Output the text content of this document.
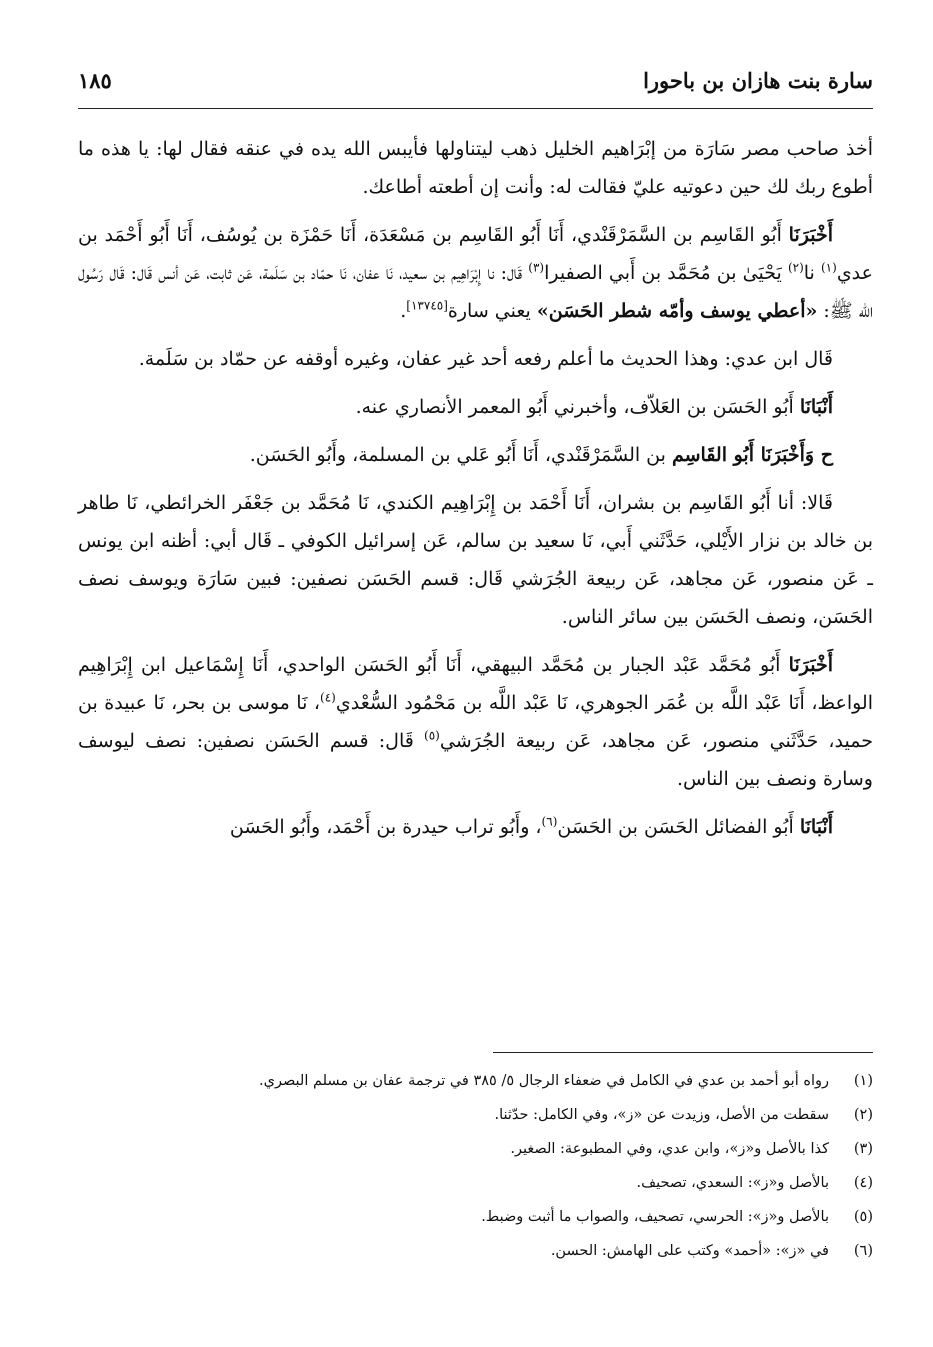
سارة بنت هازان بن باحورا
١٨٥

أخذ صاحب مصر سَارَة من إبْرَاهيم الخليل ذهب ليتناولها فأيبس الله يده في عنقه فقال لها: يا هذه ما أطوع ربك لك حين دعوتيه عليّ فقالت له: وأنت إن أطعته أطاعك.

أَخْبَرَنَا أَبُو القَاسِم بن السَّمَرْقَنْدي، أَنَا أَبُو القَاسِم بن مَسْعَدَة، أَنَا حَمْزَة بن يُوسُف، أَنَا أَبُو أَحْمَد بن عدي$^{(١)}$ نا$^{(٢)}$ يَحْيَىٰ بن مُحَمَّد بن أَبي الصفيرا$^{(٣)}$ قَال: نا إِبْرَاهِيم بن سعيد، نَا عفان، نَا حمّاد بن سَلَمة، عَن ثابت، عَن أنس قَال: قَال رَسُول الله ﷺ: «أعطي يوسف وأمّه شطر الحَسَن» يعني سارة[١٣٧٤٥].

قَال ابن عدي: وهذا الحديث ما أعلم رفعه أحد غير عفان، وغيره أوقفه عن حمّاد بن سَلَمة.

أَنْبَانَا أَبُو الحَسَن بن العَلاّف، وأخبرني أَبُو المعمر الأنصاري عنه.

ح وَأَخْبَرَنَا أَبُو القَاسِم بن السَّمَرْقَنْدي، أَنَا أَبُو عَلي بن المسلمة، وأَبُو الحَسَن.

قَالا: أنا أَبُو القَاسِم بن بشران، أَنَا أَحْمَد بن إِبْرَاهِيم الكندي، نَا مُحَمَّد بن جَعْفَر الخرائطي، نَا طاهر بن خالد بن نزار الأَيْلي، حَدَّثَني أَبي، نَا سعيد بن سالم، عَن إسرائيل الكوفي ـ قَال أبي: أظنه ابن يونس ـ عَن منصور، عَن مجاهد، عَن ربيعة الجُرَشي قَال: قسم الحَسَن نصفين: فبين سَارَة ويوسف نصف الحَسَن، ونصف الحَسَن بين سائر الناس.

أَخْبَرَنَا أَبُو مُحَمَّد عَبْد الجبار بن مُحَمَّد البيهقي، أَنَا أَبُو الحَسَن الواحدي، أَنَا إِسْمَاعيل ابن إِبْرَاهِيم الواعظ، أَنَا عَبْد اللَّه بن عُمَر الجوهري، نَا عَبْد اللَّه بن مَحْمُود السُّعْدي$^{(٤)}$، نَا موسى بن بحر، نَا عبيدة بن حميد، حَدَّثَني منصور، عَن مجاهد، عَن ربيعة الجُرَشي$^{(٥)}$ قَال: قسم الحَسَن نصفين: نصف ليوسف وسارة ونصف بين الناس.

أَنْبَانَا أَبُو الفضائل الحَسَن بن الحَسَن$^{(٦)}$، وأَبُو تراب حيدرة بن أَحْمَد، وأَبُو الحَسَن

(١)
رواه أبو أحمد بن عدي في الكامل في ضعفاء الرجال ٥/ ٣٨٥ في ترجمة عفان بن مسلم البصري.
(٢)
سقطت من الأصل، وزيدت عن «ز»، وفي الكامل: حدّثنا.
(٣)
كذا بالأصل و«ز»، وابن عدي، وفي المطبوعة: الصغير.
(٤)
بالأصل و«ز»: السعدي، تصحيف.
(٥)
بالأصل و«ز»: الحرسي، تصحيف، والصواب ما أثبت وضبط.
(٦)
في «ز»: «أحمد» وكتب على الهامش: الحسن.
